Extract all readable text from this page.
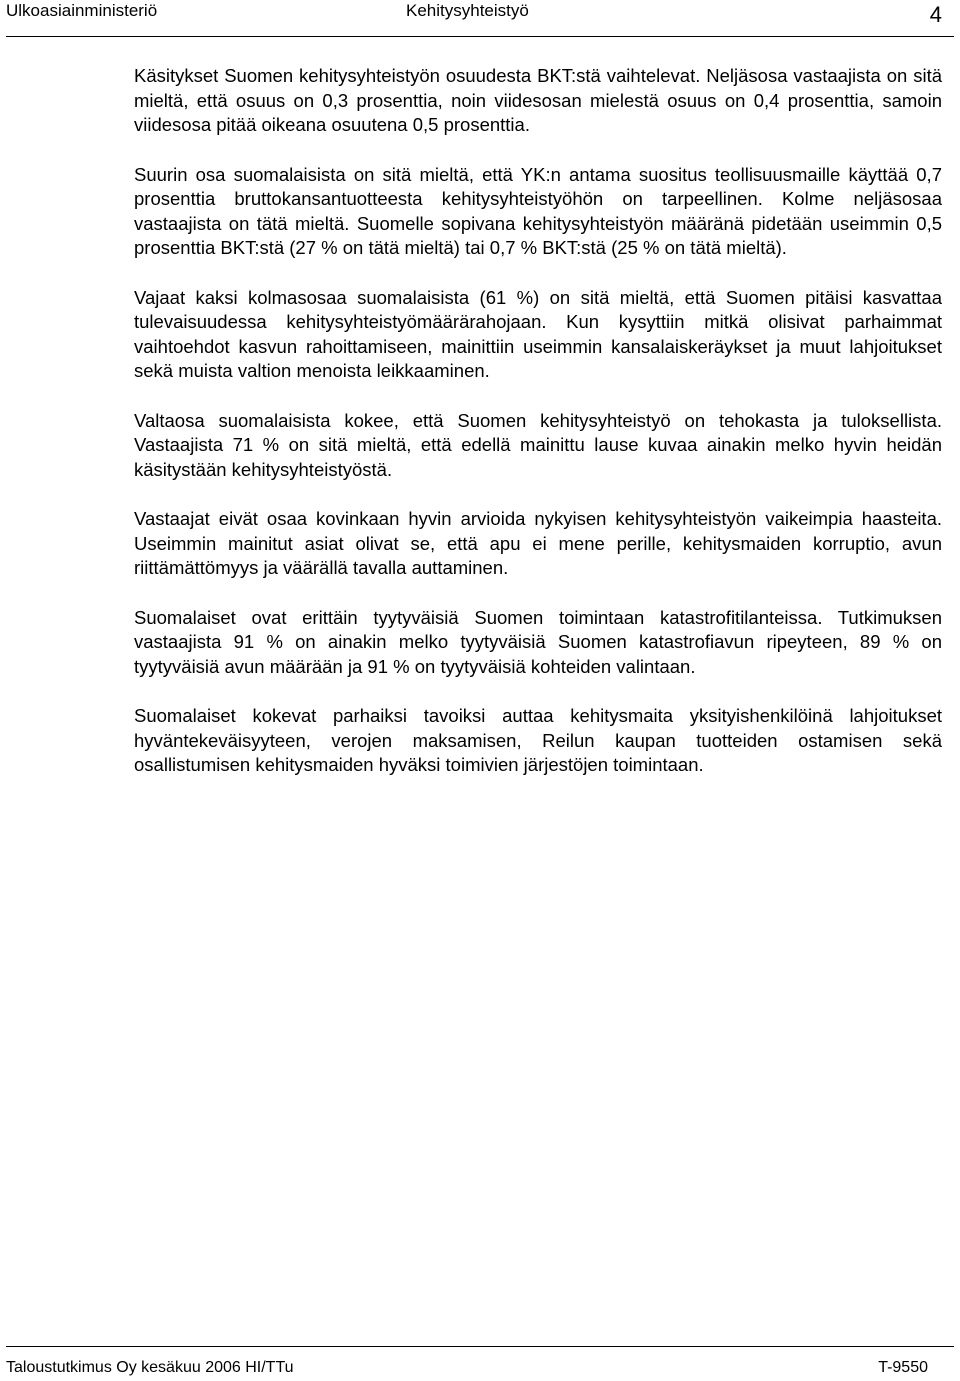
Ulkoasiainministeriö	Kehitysyhteistyö	4

Käsitykset Suomen kehitysyhteistyön osuudesta BKT:stä vaihtelevat. Neljäsosa vastaajista on sitä mieltä, että osuus on 0,3 prosenttia, noin viidesosan mielestä osuus on 0,4 prosenttia, samoin viidesosa pitää oikeana osuutena 0,5 prosenttia.

Suurin osa suomalaisista on sitä mieltä, että YK:n antama suositus teollisuusmaille käyttää 0,7 prosenttia bruttokansantuotteesta kehitysyhteistyöhön on tarpeellinen. Kolme neljäsosaa vastaajista on tätä mieltä. Suomelle sopivana kehitysyhteistyön määränä pidetään useimmin 0,5 prosenttia BKT:stä (27 % on tätä mieltä) tai 0,7 % BKT:stä (25 % on tätä mieltä).

Vajaat kaksi kolmasosaa suomalaisista (61 %) on sitä mieltä, että Suomen pitäisi kasvattaa tulevaisuudessa kehitysyhteistyömäärärahojaan. Kun kysyttiin mitkä olisivat parhaimmat vaihtoehdot kasvun rahoittamiseen, mainittiin useimmin kansalaiskeräykset ja muut lahjoitukset sekä muista valtion menoista leikkaaminen.

Valtaosa suomalaisista kokee, että Suomen kehitysyhteistyö on tehokasta ja tuloksellista. Vastaajista 71 % on sitä mieltä, että edellä mainittu lause kuvaa ainakin melko hyvin heidän käsitystään kehitysyhteistyöstä.

Vastaajat eivät osaa kovinkaan hyvin arvioida nykyisen kehitysyhteistyön vaikeimpia haasteita. Useimmin mainitut asiat olivat se, että apu ei mene perille, kehitysmaiden korruptio, avun riittämättömyys ja väärällä tavalla auttaminen.

Suomalaiset ovat erittäin tyytyväisiä Suomen toimintaan katastrofitilanteissa. Tutkimuksen vastaajista 91 % on ainakin melko tyytyväisiä Suomen katastrofiavun ripeyteen, 89 % on tyytyväisiä avun määrään ja 91 % on tyytyväisiä kohteiden valintaan.

Suomalaiset kokevat parhaiksi tavoiksi auttaa kehitysmaita yksityishenkilöinä lahjoitukset hyväntekeväisyyteen, verojen maksamisen, Reilun kaupan tuotteiden ostamisen sekä osallistumisen kehitysmaiden hyväksi toimivien järjestöjen toimintaan.

Taloustutkimus Oy kesäkuu 2006 HI/TTu	T-9550
